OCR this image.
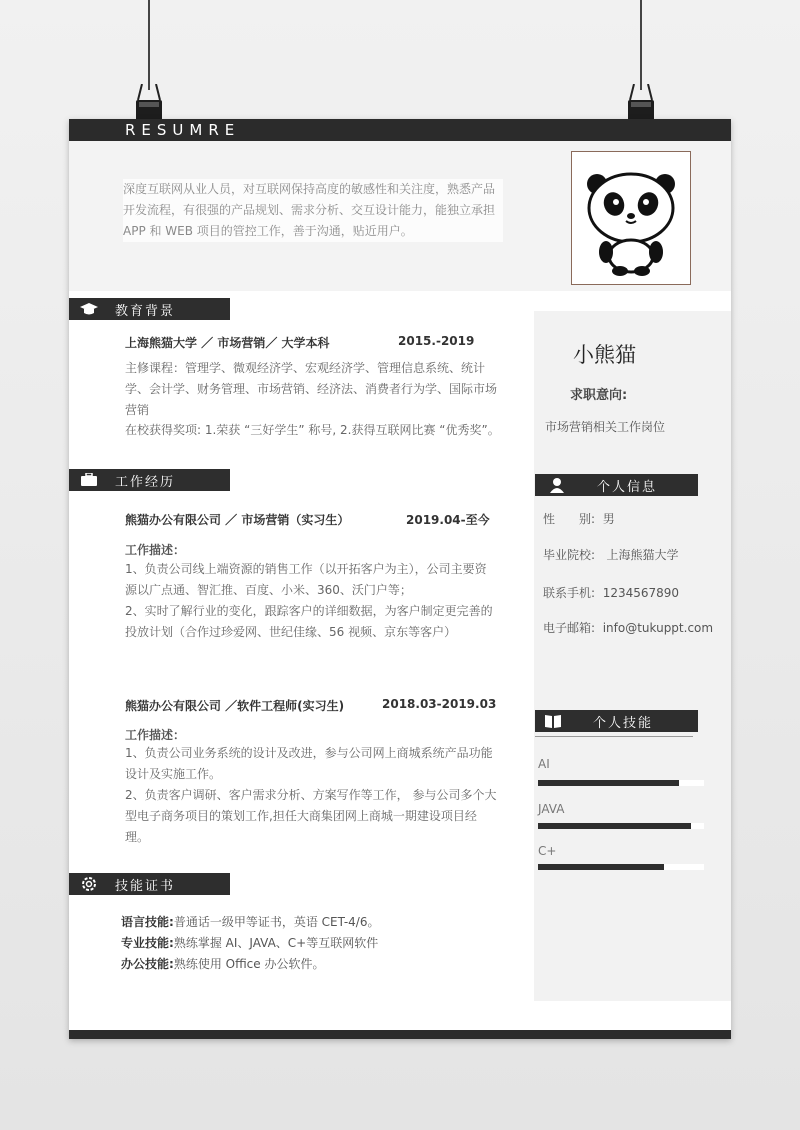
RESUMRE
深度互联网从业人员，对互联网保持高度的敏感性和关注度，熟悉产品开发流程，有很强的产品规划、需求分析、交互设计能力，能独立承担 APP 和 WEB 项目的管控工作，善于沟通，贴近用户。
教育背景
上海熊猫大学 ／ 市场营销／ 大学本科	2015.-2019
主修课程：管理学、微观经济学、宏观经济学、管理信息系统、统计学、会计学、财务管理、市场营销、经济法、消费者行为学、国际市场营销
在校获得奖项: 1.荣获 “三好学生” 称号, 2.获得互联网比赛 “优秀奖”。
工作经历
熊猫办公有限公司 ／ 市场营销（实习生）	2019.04-至今
工作描述：
1、负责公司线上端资源的销售工作（以开拓客户为主），公司主要资源以广点通、智汇推、百度、小米、360、沃门户等；
2、实时了解行业的变化，跟踪客户的详细数据，为客户制定更完善的投放计划（合作过珍爱网、世纪佳缘、56 视频、京东等客户）
熊猫办公有限公司 ／软件工程师(实习生)	2018.03-2019.03
工作描述：
1、负责公司业务系统的设计及改进，参与公司网上商城系统产品功能设计及实施工作。
2、负责客户调研、客户需求分析、方案写作等工作， 参与公司多个大型电子商务项目的策划工作,担任大商集团网上商城一期建设项目经理。
技能证书
语言技能:普通话一级甲等证书，英语 CET-4/6。
专业技能:熟练掌握 AI、JAVA、C+等互联网软件
办公技能:熟练使用 Office 办公软件。
小熊猫
求职意向:
市场营销相关工作岗位
个人信息
性　　别: 男
毕业院校: 上海熊猫大学
联系手机: 1234567890
电子邮箱: info@tukuppt.com
个人技能
AI
JAVA
C+
